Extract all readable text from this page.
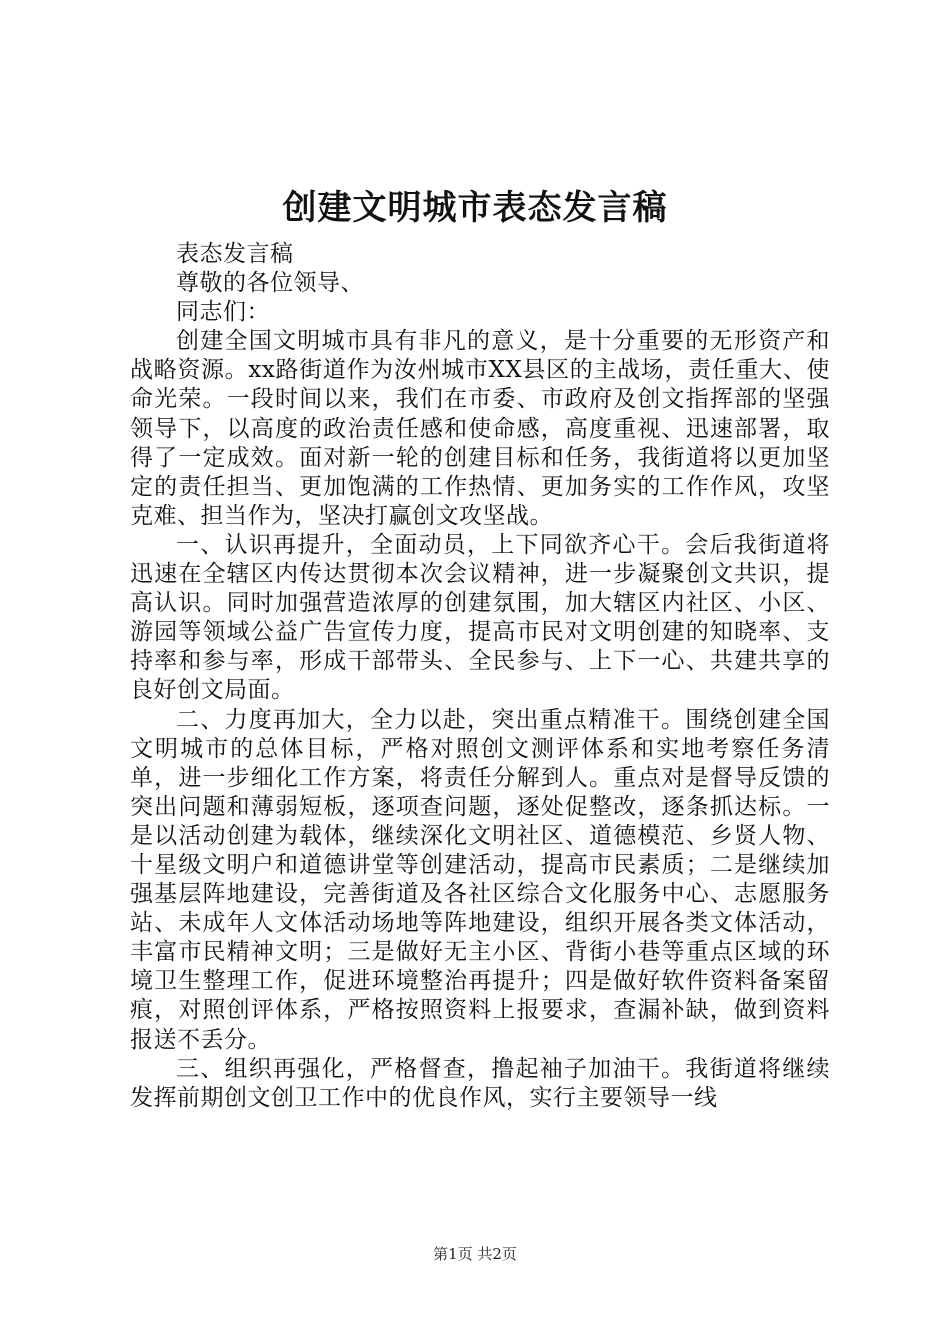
创建文明城市表态发言稿

表态发言稿

尊敬的各位领导、

同志们：

创建全国文明城市具有非凡的意义，是十分重要的无形资产和战略资源。xx路街道作为汝州城市XX县区的主战场，责任重大、使命光荣。一段时间以来，我们在市委、市政府及创文指挥部的坚强领导下，以高度的政治责任感和使命感，高度重视、迅速部署，取得了一定成效。面对新一轮的创建目标和任务，我街道将以更加坚定的责任担当、更加饱满的工作热情、更加务实的工作作风，攻坚克难、担当作为，坚决打赢创文攻坚战。

一、认识再提升，全面动员，上下同欲齐心干。会后我街道将迅速在全辖区内传达贯彻本次会议精神，进一步凝聚创文共识，提高认识。同时加强营造浓厚的创建氛围，加大辖区内社区、小区、游园等领域公益广告宣传力度，提高市民对文明创建的知晓率、支持率和参与率，形成干部带头、全民参与、上下一心、共建共享的良好创文局面。

二、力度再加大，全力以赴，突出重点精准干。围绕创建全国文明城市的总体目标，严格对照创文测评体系和实地考察任务清单，进一步细化工作方案，将责任分解到人。重点对是督导反馈的突出问题和薄弱短板，逐项查问题，逐处促整改，逐条抓达标。一是以活动创建为载体，继续深化文明社区、道德模范、乡贤人物、十星级文明户和道德讲堂等创建活动，提高市民素质；二是继续加强基层阵地建设，完善街道及各社区综合文化服务中心、志愿服务站、未成年人文体活动场地等阵地建设，组织开展各类文体活动，丰富市民精神文明；三是做好无主小区、背街小巷等重点区域的环境卫生整理工作，促进环境整治再提升；四是做好软件资料备案留痕，对照创评体系，严格按照资料上报要求，查漏补缺，做到资料报送不丢分。

三、组织再强化，严格督查，撸起袖子加油干。我街道将继续发挥前期创文创卫工作中的优良作风，实行主要领导一线

第1页 共2页
